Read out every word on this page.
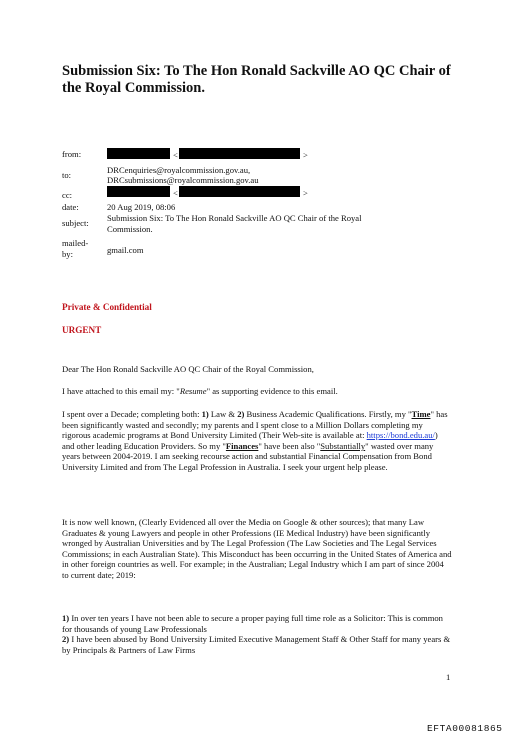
Submission Six: To The Hon Ronald Sackville AO QC Chair of the Royal Commission.
from:	<	>
to:	DRCenquiries@royalcommission.gov.au,
DRCsubmissions@royalcommission.gov.au
cc:	<	>
date:	20 Aug 2019, 08:06
subject:	Submission Six: To The Hon Ronald Sackville AO QC Chair of the Royal Commission.
mailed-by:	gmail.com
Private & Confidential
URGENT
Dear The Hon Ronald Sackville AO QC Chair of the Royal Commission,
I have attached to this email my: "Resume" as supporting evidence to this email.
I spent over a Decade; completing both: 1) Law & 2) Business Academic Qualifications. Firstly, my "Time" has been significantly wasted and secondly; my parents and I spent close to a Million Dollars completing my rigorous academic programs at Bond University Limited (Their Web-site is available at: https://bond.edu.au/) and other leading Education Providers. So my "Finances" have been also "Substantially" wasted over many years between 2004-2019. I am seeking recourse action and substantial Financial Compensation from Bond University Limited and from The Legal Profession in Australia. I seek your urgent help please.
It is now well known, (Clearly Evidenced all over the Media on Google & other sources); that many Law Graduates & young Lawyers and people in other Professions (IE Medical Industry) have been significantly wronged by Australian Universities and by The Legal Profession (The Law Societies and The Legal Services Commissions; in each Australian State). This Misconduct has been occurring in the United States of America and in other foreign countries as well. For example; in the Australian; Legal Industry which I am part of since 2004 to current date; 2019:
1) In over ten years I have not been able to secure a proper paying full time role as a Solicitor: This is common for thousands of young Law Professionals
2) I have been abused by Bond University Limited Executive Management Staff & Other Staff for many years & by Principals & Partners of Law Firms
1
EFTA00081865
